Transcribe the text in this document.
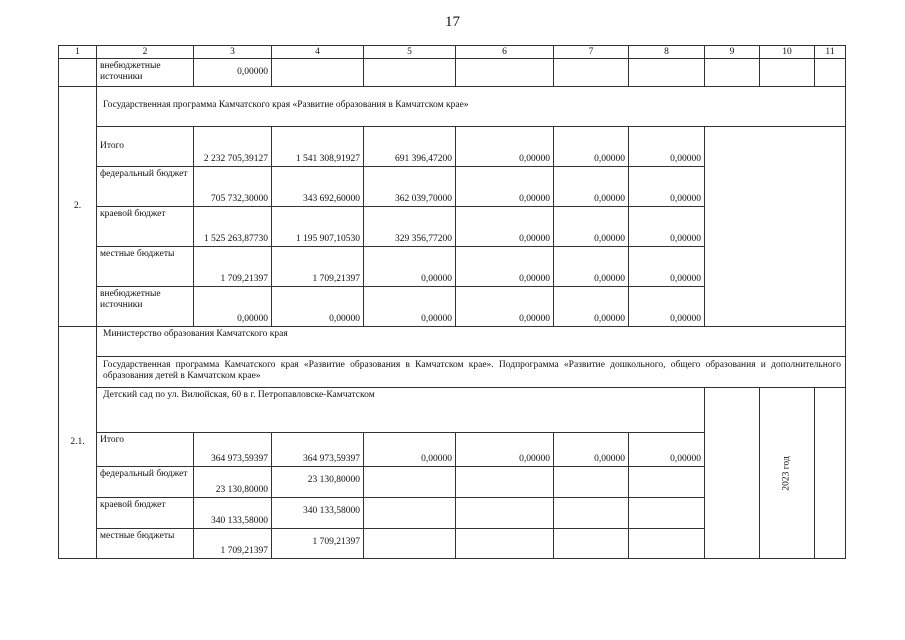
17
1	2	3	4	5	6	7	8	9	10	11
	внебюджетные источники	0,00000								
2.	Государственная программа Камчатского края «Развитие образования в Камчатском крае»									
	Итого	2 232 705,39127	1 541 308,91927	691 396,47200	0,00000	0,00000	0,00000			
	федеральный бюджет	705 732,30000	343 692,60000	362 039,70000	0,00000	0,00000	0,00000			
	краевой бюджет	1 525 263,87730	1 195 907,10530	329 356,77200	0,00000	0,00000	0,00000			
	местные бюджеты	1 709,21397	1 709,21397	0,00000	0,00000	0,00000	0,00000			
	внебюджетные источники	0,00000	0,00000	0,00000	0,00000	0,00000	0,00000			
2.1.	Министерство образования Камчатского края									
	Государственная программа Камчатского края «Развитие образования в Камчатском крае». Подпрограмма «Развитие дошкольного, общего образования и дополнительного образования детей в Камчатском крае»									
	Детский сад по ул. Вилюйская, 60 в г. Петропавловске-Камчатском								2023 год	
	Итого	364 973,59397	364 973,59397	0,00000	0,00000	0,00000	0,00000			
	федеральный бюджет	23 130,80000	23 130,80000							
	краевой бюджет	340 133,58000	340 133,58000							
	местные бюджеты	1 709,21397	1 709,21397							
